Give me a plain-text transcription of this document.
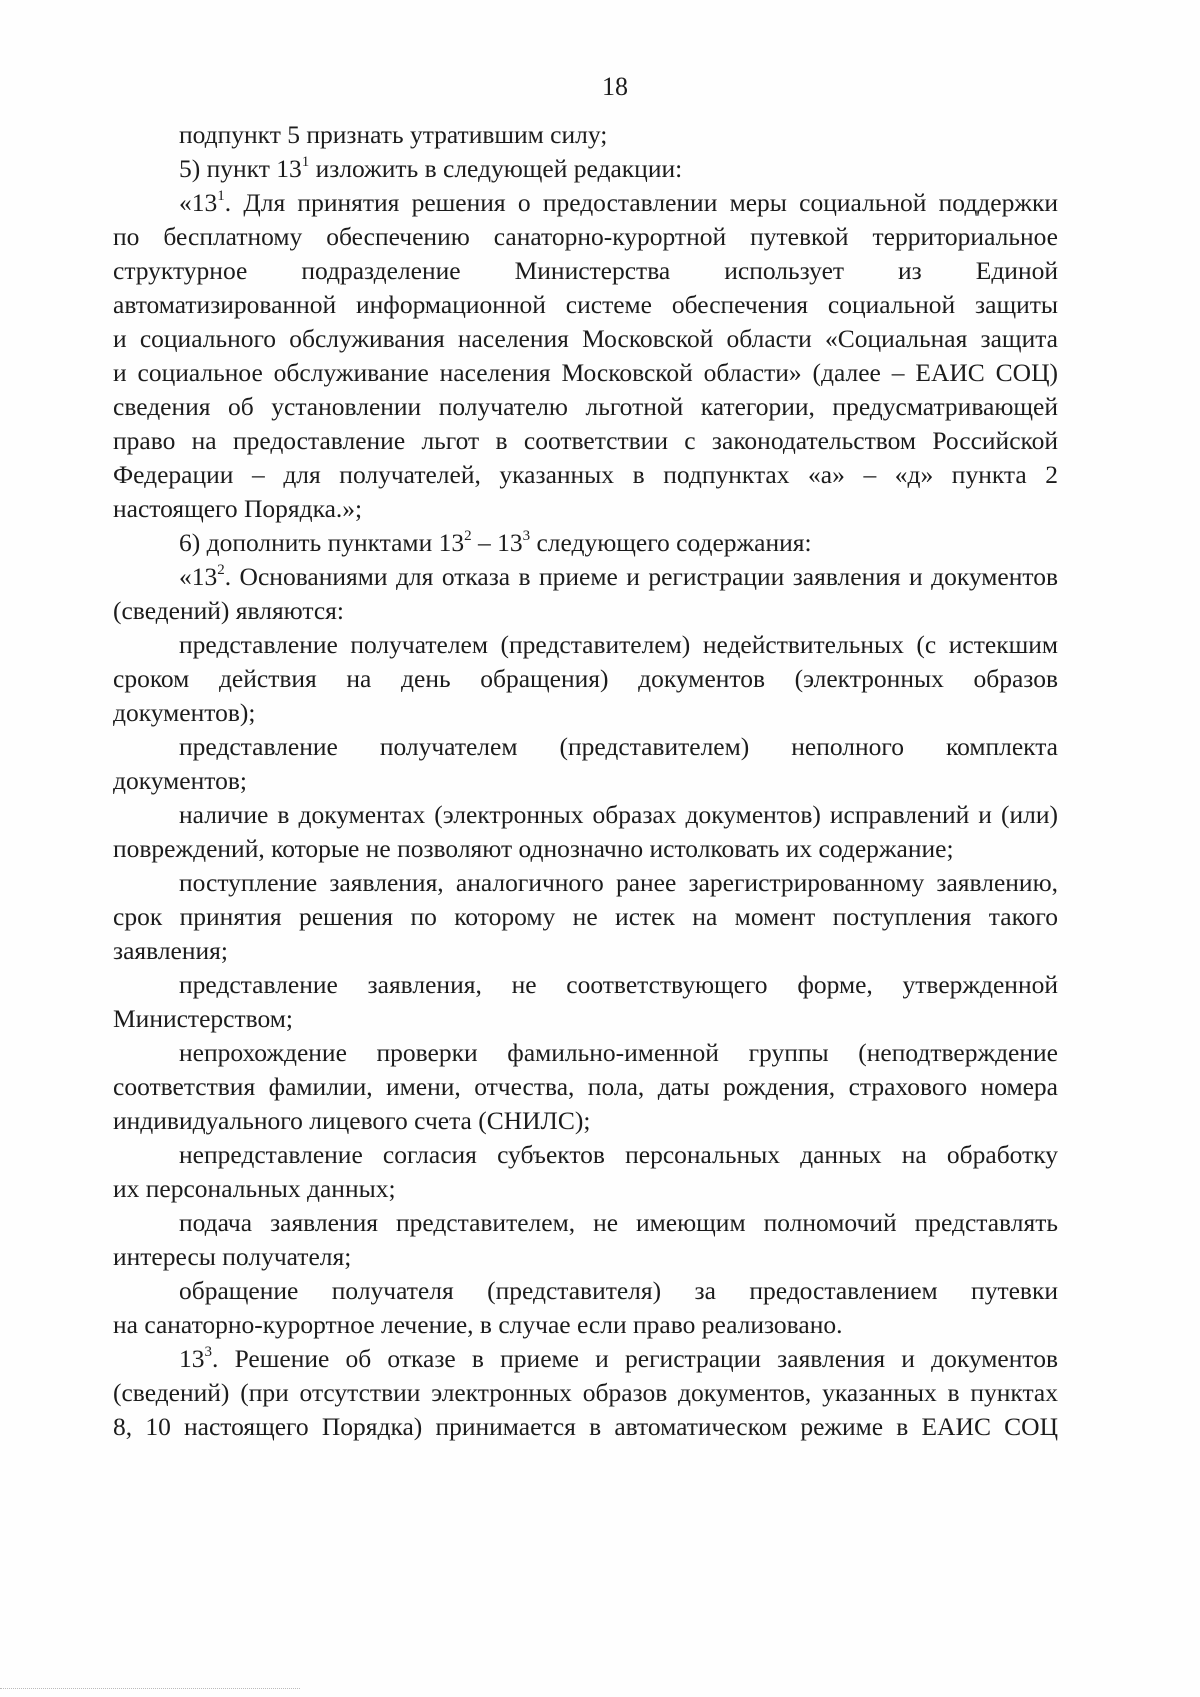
18
подпункт 5 признать утратившим силу;
5) пункт $13^1$ изложить в следующей редакции:
«$13^1$. Для принятия решения о предоставлении меры социальной поддержки
по бесплатному обеспечению санаторно-курортной путевкой территориальное
структурное подразделение Министерства использует из Единой
автоматизированной информационной системе обеспечения социальной защиты
и социального обслуживания населения Московской области «Социальная защита
и социальное обслуживание населения Московской области» (далее – ЕАИС СОЦ)
сведения об установлении получателю льготной категории, предусматривающей
право на предоставление льгот в соответствии с законодательством Российской
Федерации – для получателей, указанных в подпунктах «а» – «д» пункта 2
настоящего Порядка.»;
6) дополнить пунктами $13^2 - 13^3$ следующего содержания:
«$13^2$. Основаниями для отказа в приеме и регистрации заявления и документов
(сведений) являются:
представление получателем (представителем) недействительных (с истекшим
сроком действия на день обращения) документов (электронных образов
документов);
представление получателем (представителем) неполного комплекта
документов;
наличие в документах (электронных образах документов) исправлений и (или)
повреждений, которые не позволяют однозначно истолковать их содержание;
поступление заявления, аналогичного ранее зарегистрированному заявлению,
срок принятия решения по которому не истек на момент поступления такого
заявления;
представление заявления, не соответствующего форме, утвержденной
Министерством;
непрохождение проверки фамильно-именной группы (неподтверждение
соответствия фамилии, имени, отчества, пола, даты рождения, страхового номера
индивидуального лицевого счета (СНИЛС);
непредставление согласия субъектов персональных данных на обработку
их персональных данных;
подача заявления представителем, не имеющим полномочий представлять
интересы получателя;
обращение получателя (представителя) за предоставлением путевки
на санаторно-курортное лечение, в случае если право реализовано.
$13^3$. Решение об отказе в приеме и регистрации заявления и документов
(сведений) (при отсутствии электронных образов документов, указанных в пунктах
8, 10 настоящего Порядка) принимается в автоматическом режиме в ЕАИС СОЦ
